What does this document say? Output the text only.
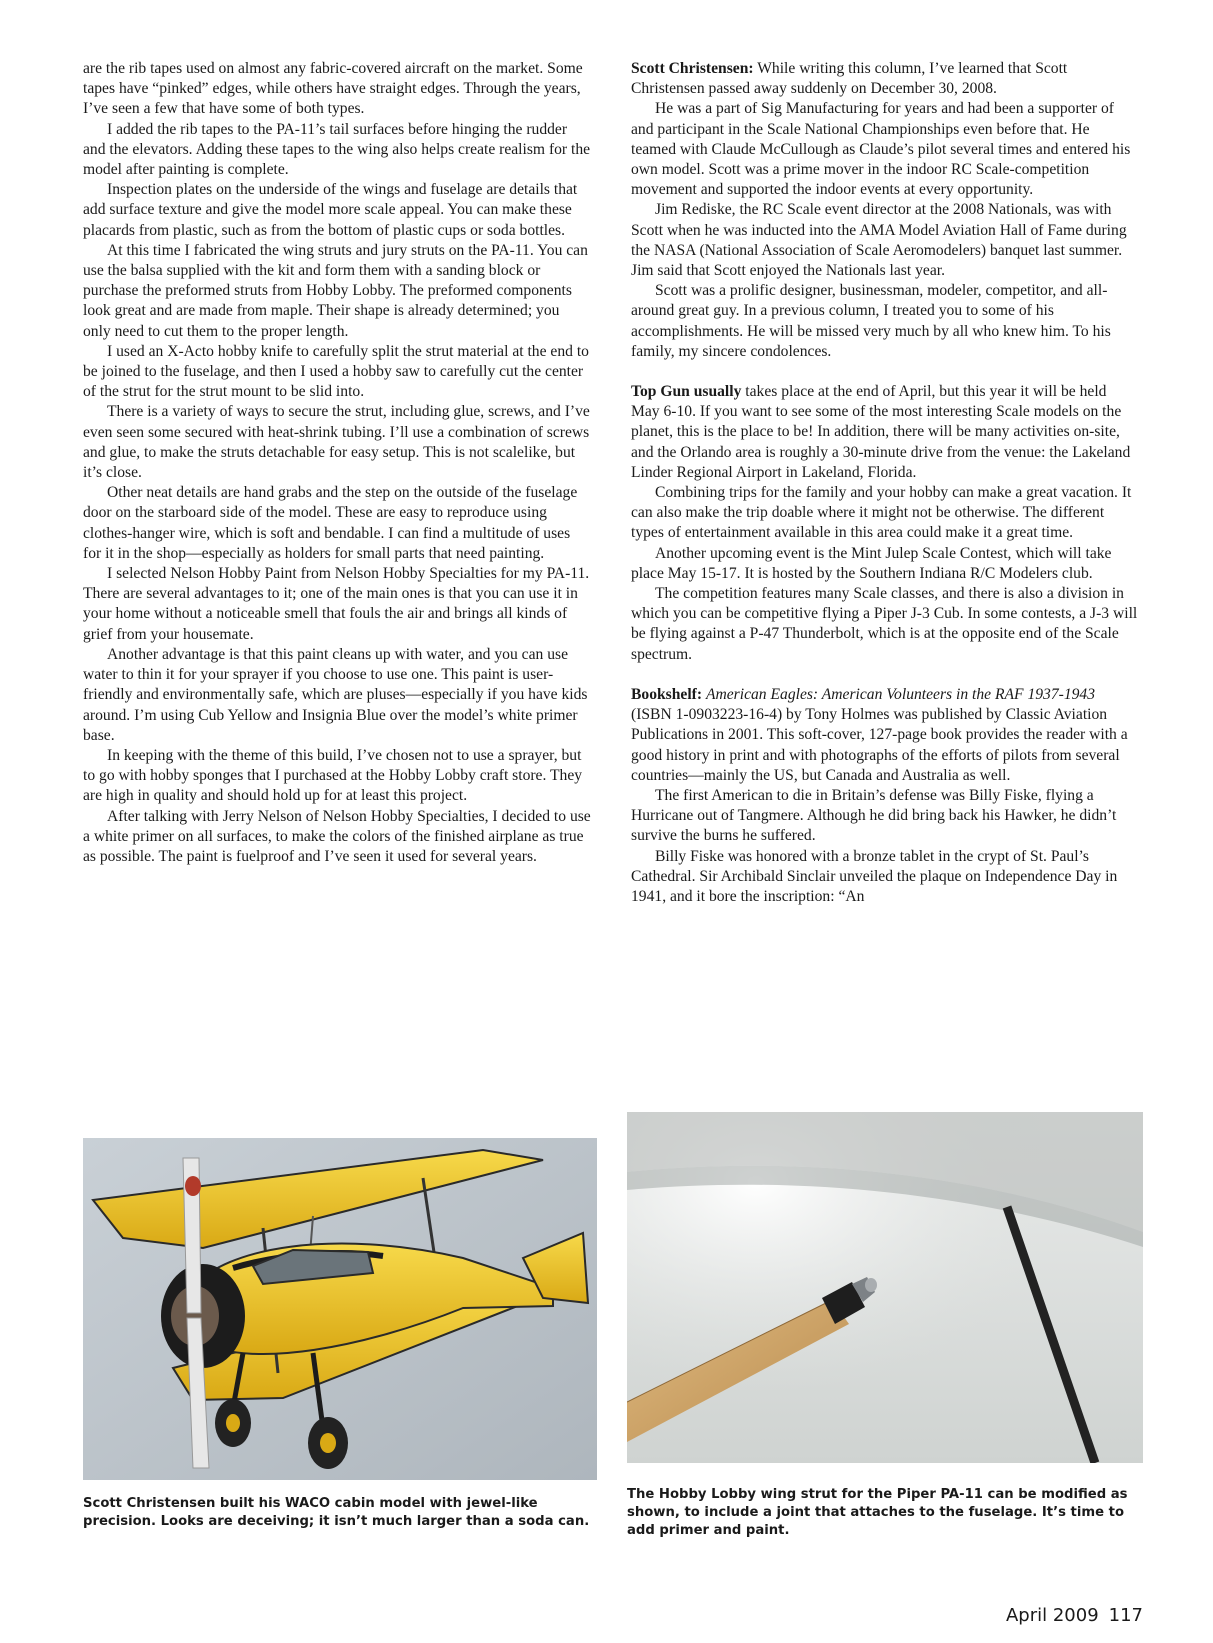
are the rib tapes used on almost any fabric-covered aircraft on the market. Some tapes have “pinked” edges, while others have straight edges. Through the years, I’ve seen a few that have some of both types.

I added the rib tapes to the PA-11’s tail surfaces before hinging the rudder and the elevators. Adding these tapes to the wing also helps create realism for the model after painting is complete.

Inspection plates on the underside of the wings and fuselage are details that add surface texture and give the model more scale appeal. You can make these placards from plastic, such as from the bottom of plastic cups or soda bottles.

At this time I fabricated the wing struts and jury struts on the PA-11. You can use the balsa supplied with the kit and form them with a sanding block or purchase the preformed struts from Hobby Lobby. The preformed components look great and are made from maple. Their shape is already determined; you only need to cut them to the proper length.

I used an X-Acto hobby knife to carefully split the strut material at the end to be joined to the fuselage, and then I used a hobby saw to carefully cut the center of the strut for the strut mount to be slid into.

There is a variety of ways to secure the strut, including glue, screws, and I’ve even seen some secured with heat-shrink tubing. I’ll use a combination of screws and glue, to make the struts detachable for easy setup. This is not scalelike, but it’s close.

Other neat details are hand grabs and the step on the outside of the fuselage door on the starboard side of the model. These are easy to reproduce using clothes-hanger wire, which is soft and bendable. I can find a multitude of uses for it in the shop—especially as holders for small parts that need painting.

I selected Nelson Hobby Paint from Nelson Hobby Specialties for my PA-11. There are several advantages to it; one of the main ones is that you can use it in your home without a noticeable smell that fouls the air and brings all kinds of grief from your housemate.

Another advantage is that this paint cleans up with water, and you can use water to thin it for your sprayer if you choose to use one. This paint is user-friendly and environmentally safe, which are pluses—especially if you have kids around. I’m using Cub Yellow and Insignia Blue over the model’s white primer base.

In keeping with the theme of this build, I’ve chosen not to use a sprayer, but to go with hobby sponges that I purchased at the Hobby Lobby craft store. They are high in quality and should hold up for at least this project.

After talking with Jerry Nelson of Nelson Hobby Specialties, I decided to use a white primer on all surfaces, to make the colors of the finished airplane as true as possible. The paint is fuelproof and I’ve seen it used for several years.

Scott Christensen: While writing this column, I’ve learned that Scott Christensen passed away suddenly on December 30, 2008.

He was a part of Sig Manufacturing for years and had been a supporter of and participant in the Scale National Championships even before that. He teamed with Claude McCullough as Claude’s pilot several times and entered his own model. Scott was a prime mover in the indoor RC Scale-competition movement and supported the indoor events at every opportunity.

Jim Rediske, the RC Scale event director at the 2008 Nationals, was with Scott when he was inducted into the AMA Model Aviation Hall of Fame during the NASA (National Association of Scale Aeromodelers) banquet last summer. Jim said that Scott enjoyed the Nationals last year.

Scott was a prolific designer, businessman, modeler, competitor, and all-around great guy. In a previous column, I treated you to some of his accomplishments. He will be missed very much by all who knew him. To his family, my sincere condolences.

Top Gun usually takes place at the end of April, but this year it will be held May 6-10. If you want to see some of the most interesting Scale models on the planet, this is the place to be! In addition, there will be many activities on-site, and the Orlando area is roughly a 30-minute drive from the venue: the Lakeland Linder Regional Airport in Lakeland, Florida.

Combining trips for the family and your hobby can make a great vacation. It can also make the trip doable where it might not be otherwise. The different types of entertainment available in this area could make it a great time.

Another upcoming event is the Mint Julep Scale Contest, which will take place May 15-17. It is hosted by the Southern Indiana R/C Modelers club.

The competition features many Scale classes, and there is also a division in which you can be competitive flying a Piper J-3 Cub. In some contests, a J-3 will be flying against a P-47 Thunderbolt, which is at the opposite end of the Scale spectrum.

Bookshelf: American Eagles: American Volunteers in the RAF 1937-1943 (ISBN 1-0903223-16-4) by Tony Holmes was published by Classic Aviation Publications in 2001. This soft-cover, 127-page book provides the reader with a good history in print and with photographs of the efforts of pilots from several countries—mainly the US, but Canada and Australia as well.

The first American to die in Britain’s defense was Billy Fiske, flying a Hurricane out of Tangmere. Although he did bring back his Hawker, he didn’t survive the burns he suffered.

Billy Fiske was honored with a bronze tablet in the crypt of St. Paul’s Cathedral. Sir Archibald Sinclair unveiled the plaque on Independence Day in 1941, and it bore the inscription: “An

Scott Christensen built his WACO cabin model with jewel-like precision. Looks are deceiving; it isn’t much larger than a soda can.
The Hobby Lobby wing strut for the Piper PA-11 can be modified as shown, to include a joint that attaches to the fuselage. It’s time to add primer and paint.
April 2009 117
